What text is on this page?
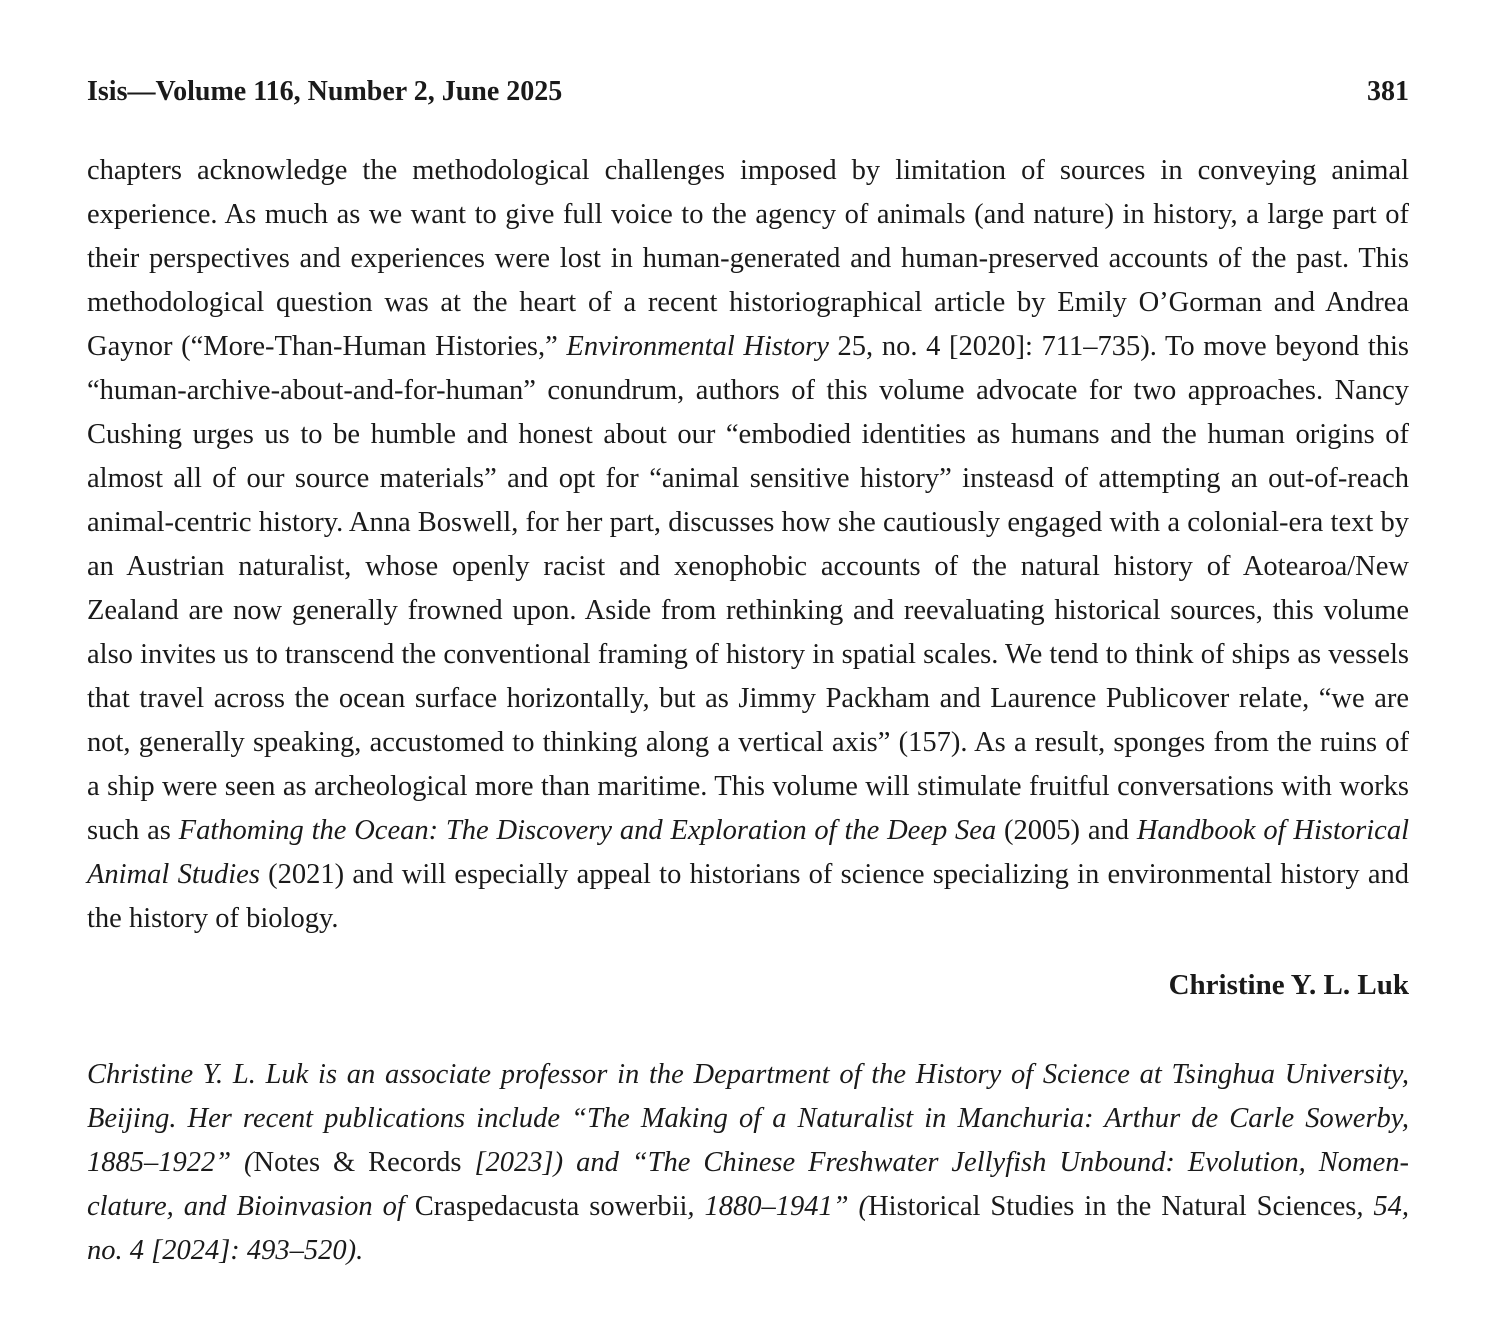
Isis—Volume 116, Number 2, June 2025	381

chapters acknowledge the methodological challenges imposed by limitation of sources in conveying animal experience. As much as we want to give full voice to the agency of animals (and nature) in history, a large part of their perspectives and experiences were lost in human-generated and human-preserved accounts of the past. This methodological question was at the heart of a recent historiographical article by Emily O’Gorman and Andrea Gaynor (“More-Than-Human Histories,” Environmental History 25, no. 4 [2020]: 711–735). To move beyond this “human-archive-about-and-for-human” conundrum, authors of this volume advocate for two approaches. Nancy Cushing urges us to be humble and honest about our “embodied identities as humans and the human origins of almost all of our source materials” and opt for “animal sensitive history” insteasd of attempting an out-of-reach animal-centric history. Anna Boswell, for her part, discusses how she cautiously engaged with a colonial-era text by an Austrian naturalist, whose openly racist and xenophobic accounts of the natural history of Aotearoa/New Zealand are now generally frowned upon. Aside from rethinking and reevaluating historical sources, this volume also invites us to transcend the conventional framing of history in spatial scales. We tend to think of ships as vessels that travel across the ocean surface horizontally, but as Jimmy Packham and Laurence Publicover relate, “we are not, generally speaking, accustomed to thinking along a vertical axis” (157). As a result, sponges from the ruins of a ship were seen as archeological more than maritime. This volume will stimulate fruitful conversations with works such as Fathoming the Ocean: The Discovery and Exploration of the Deep Sea (2005) and Handbook of Historical Animal Studies (2021) and will especially appeal to historians of science specializing in environmental history and the history of biology.

Christine Y. L. Luk

Christine Y. L. Luk is an associate professor in the Department of the History of Science at Tsinghua University, Beijing. Her recent publications include “The Making of a Naturalist in Manchuria: Arthur de Carle Sowerby, 1885–1922” (Notes & Records [2023]) and “The Chinese Freshwater Jellyfish Unbound: Evolution, Nomenclature, and Bioinvasion of Craspedacusta sowerbii, 1880–1941” (Historical Studies in the Natural Sciences, 54, no. 4 [2024]: 493–520).
